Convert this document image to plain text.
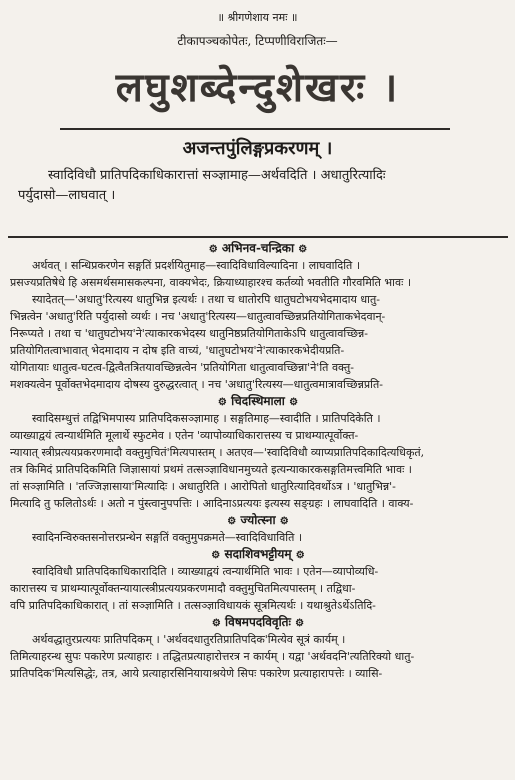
॥ श्रीगणेशाय नमः ॥
टीकापञ्चकोपेतः, टिप्पणीविराजितः—
लघुशब्देन्दुशेखरः ।
अजन्तपुंलिङ्गप्रकरणम् ।
स्वादिविधौ प्रातिपदिकाधिकारात्तां सञ्ज्ञामाह—अर्थवदिति । अधातुरित्यादिः
पर्युदासो—लाघवात् ।
⚙ अभिनव-चन्द्रिका ⚙
अर्थवत् । सन्धिप्रकरणेन सङ्गतिं प्रदर्शयितुमाह—स्वादिविधाविल्यादिना । लाघवादिति ।
प्रसज्यप्रतिषेधे हि असमर्थसमासकल्पना, वाक्यभेदः, क्रियाध्याहारश्च कर्तव्यो भवतीति गौरवमिति भावः ।
स्यादेतत्—'अधातु'रित्यस्य धातुभिन्न इत्यर्थः । तथा च धातोरपि धातुघटोभयभेदमादाय धातु-
भिन्नत्वेन 'अधातु'रिति पर्युदासो व्यर्थः । नच 'अधातु'रित्यस्य—धातुत्वावच्छिन्नप्रतियोगिताकभेदवान्-
निरूप्यते । तथा च 'धातुघटोभय'ने'त्याकारकभेदस्य धातुनिष्ठप्रतियोगिताकेऽपि धातुत्वावच्छिन्न-
प्रतियोगितत्वाभावात् भेदमादाय न दोष इति वाच्यं, 'धातुघटोभय'ने'त्याकारकभेदीयप्रति-
योगितायाः धातुत्व-घटत्व-द्वित्वैतत्रितयावच्छिन्नत्वेन 'प्रतियोगिता धातुत्वावच्छिन्ना'ने'ति वक्तु-
मशक्यत्वेन पूर्वोक्तभेदमादाय दोषस्य दुरुद्धरत्वात् । नच 'अधातु'रित्यस्य—धातुत्वमात्रावच्छिन्नप्रति-
⚙ चिदस्थिमाला ⚙
स्वादिसम्धुत्तं तद्विभिमपास्य प्रातिपदिकसञ्ज्ञामाह । सङ्गतिमाह—स्वादीति । प्रातिपदिकेति ।
व्याख्याद्वयं त्वन्यार्थमिति मूलार्थे स्फुटमेव । एतेन 'व्यापोव्याधिकारात्तस्य च प्राथम्यात्पूर्वोक्त-
न्यायात् स्त्रीप्रत्ययप्रकरणमादौ वक्तुमुचितं'मित्यपास्तम् । अतएव—'स्वादिविधौ व्याप्यप्रातिपदिकादित्यधिकृतं,
तत्र किमिदं प्रातिपदिकमिति जिज्ञासायां प्रथमं तत्सञ्ज्ञाविधानमुच्यते इत्यन्याकारकसङ्गतिमत्त्वमिति भावः ।
तां सञ्ज्ञामिति । 'तज्जिज्ञासाया'मित्यादिः । अधातुरिति । आरोपितो धातुरित्यादिवर्थोऽत्र । 'धातुभिन्न'-
मित्यादि तु फलितोऽर्थः । अतो न पुंस्त्वानुपपत्तिः । आदिनाऽप्रत्ययः इत्यस्य सङ्ग्रहः । लाघवादिति । वाक्य-
⚙ ज्योत्स्ना ⚙
स्वादिनन्विरुक्तसनोत्तरप्रन्थेन सङ्गतिं वक्तुमुपक्रमते—स्वादिविधाविति ।
⚙ सदाशिवभट्टीयम् ⚙
स्वादिविधौ प्रातिपदिकाधिकारादिति । व्याख्याद्वयं त्वन्यार्थमिति भावः । एतेन—व्यापोव्यधि-
कारात्तस्य च प्राथम्यात्पूर्वोक्तन्यायात्स्त्रीप्रत्ययप्रकरणमादौ वक्तुमुचितमित्यपास्तम् । तद्विधा-
वपि प्रातिपदिकाधिकारात् । तां सञ्ज्ञामिति । तत्सञ्ज्ञाविधायकं सूत्रमित्यर्थः । यथाश्रुतेऽर्थेऽतिदि-
⚙ विषमपदविवृतिः ⚙
अर्थवद्धातुरप्रत्ययः प्रातिपदिकम् । 'अर्थवदधातुरतिप्रातिपदिक'मित्येव सूत्रं कार्यम् ।
तिमित्याहरन्थ सुपः पकारेण प्रत्याहारः । तद्धितप्रत्याहारोत्तरत्र न कार्यम् । यद्वा 'अर्थवदनि'त्यतिरिक्यो धातु-
प्रातिपदिक'मित्यसिद्धेः, तत्र, आये प्रत्याहारसिनियायाश्रयेणे सिपः पकारेण प्रत्याहारापत्तेः । व्यासि-
